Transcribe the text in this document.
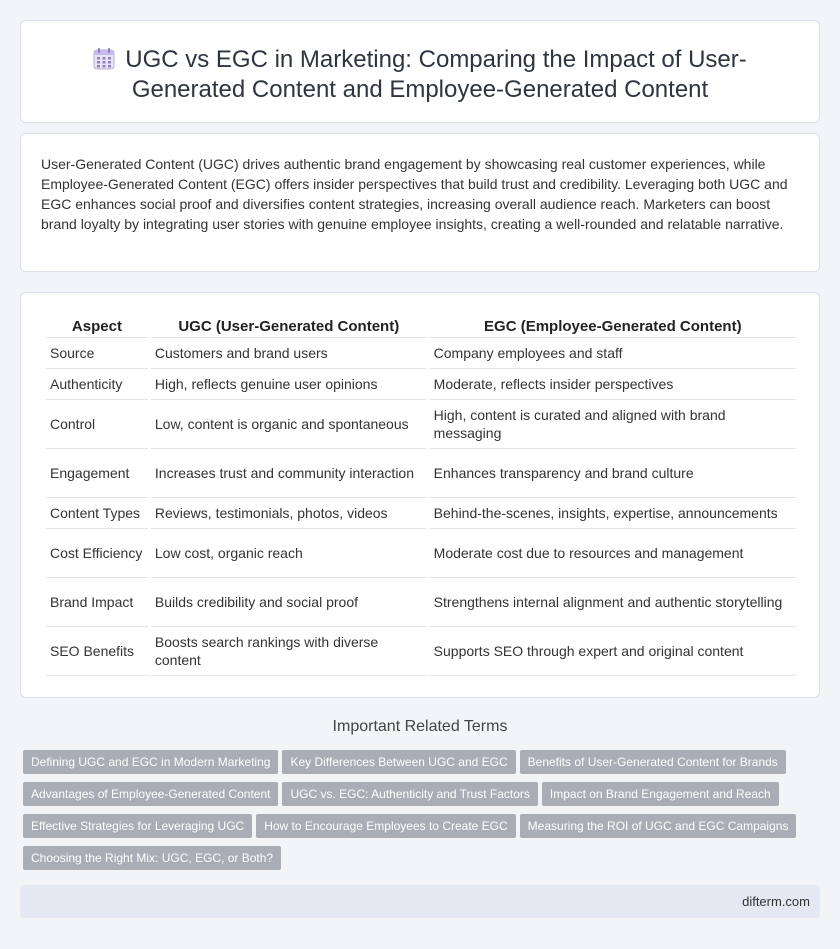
UGC vs EGC in Marketing: Comparing the Impact of User-Generated Content and Employee-Generated Content

User-Generated Content (UGC) drives authentic brand engagement by showcasing real customer experiences, while Employee-Generated Content (EGC) offers insider perspectives that build trust and credibility. Leveraging both UGC and EGC enhances social proof and diversifies content strategies, increasing overall audience reach. Marketers can boost brand loyalty by integrating user stories with genuine employee insights, creating a well-rounded and relatable narrative.

Aspect	UGC (User-Generated Content)	EGC (Employee-Generated Content)
Source	Customers and brand users	Company employees and staff
Authenticity	High, reflects genuine user opinions	Moderate, reflects insider perspectives
Control	Low, content is organic and spontaneous	High, content is curated and aligned with brand messaging
Engagement	Increases trust and community interaction	Enhances transparency and brand culture
Content Types	Reviews, testimonials, photos, videos	Behind-the-scenes, insights, expertise, announcements
Cost Efficiency	Low cost, organic reach	Moderate cost due to resources and management
Brand Impact	Builds credibility and social proof	Strengthens internal alignment and authentic storytelling
SEO Benefits	Boosts search rankings with diverse content	Supports SEO through expert and original content
Important Related Terms
Defining UGC and EGC in Modern Marketing Key Differences Between UGC and EGC Benefits of User-Generated Content for Brands
Advantages of Employee-Generated Content UGC vs. EGC: Authenticity and Trust Factors Impact on Brand Engagement and Reach
Effective Strategies for Leveraging UGC How to Encourage Employees to Create EGC Measuring the ROI of UGC and EGC Campaigns
Choosing the Right Mix: UGC, EGC, or Both?
difterm.com
